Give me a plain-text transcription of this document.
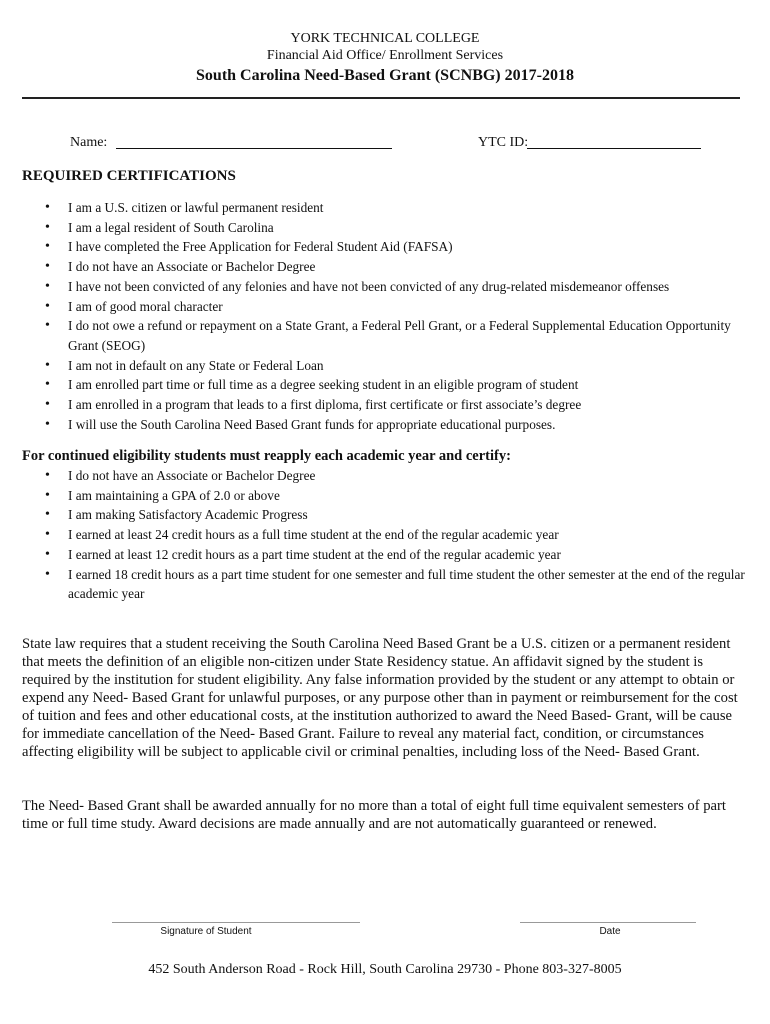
YORK TECHNICAL COLLEGE
Financial Aid Office/ Enrollment Services
South Carolina Need-Based Grant (SCNBG) 2017-2018
Name:	YTC ID:
REQUIRED CERTIFICATIONS
• I am a U.S. citizen or lawful permanent resident
• I am a legal resident of South Carolina
• I have completed the Free Application for Federal Student Aid (FAFSA)
• I do not have an Associate or Bachelor Degree
• I have not been convicted of any felonies and have not been convicted of any drug-related misdemeanor offenses
• I am of good moral character
• I do not owe a refund or repayment on a State Grant, a Federal Pell Grant, or a Federal Supplemental Education Opportunity Grant (SEOG)
• I am not in default on any State or Federal Loan
• I am enrolled part time or full time as a degree seeking student in an eligible program of student
• I am enrolled in a program that leads to a first diploma, first certificate or first associate’s degree
• I will use the South Carolina Need Based Grant funds for appropriate educational purposes.
For continued eligibility students must reapply each academic year and certify:
• I do not have an Associate or Bachelor Degree
• I am maintaining a GPA of 2.0 or above
• I am making Satisfactory Academic Progress
• I earned at least 24 credit hours as a full time student at the end of the regular academic year
• I earned at least 12 credit hours as a part time student at the end of the regular academic year
• I earned 18 credit hours as a part time student for one semester and full time student the other semester at the end of the regular academic year

State law requires that a student receiving the South Carolina Need Based Grant be a U.S. citizen or a permanent resident that meets the definition of an eligible non-citizen under State Residency statue. An affidavit signed by the student is required by the institution for student eligibility. Any false information provided by the student or any attempt to obtain or expend any Need- Based Grant for unlawful purposes, or any purpose other than in payment or reimbursement for the cost of tuition and fees and other educational costs, at the institution authorized to award the Need Based- Grant, will be cause for immediate cancellation of the Need- Based Grant. Failure to reveal any material fact, condition, or circumstances affecting eligibility will be subject to applicable civil or criminal penalties, including loss of the Need- Based Grant.

The Need- Based Grant shall be awarded annually for no more than a total of eight full time equivalent semesters of part time or full time study. Award decisions are made annually and are not automatically guaranteed or renewed.

Signature of Student	Date
452 South Anderson Road - Rock Hill, South Carolina 29730 - Phone 803-327-8005
